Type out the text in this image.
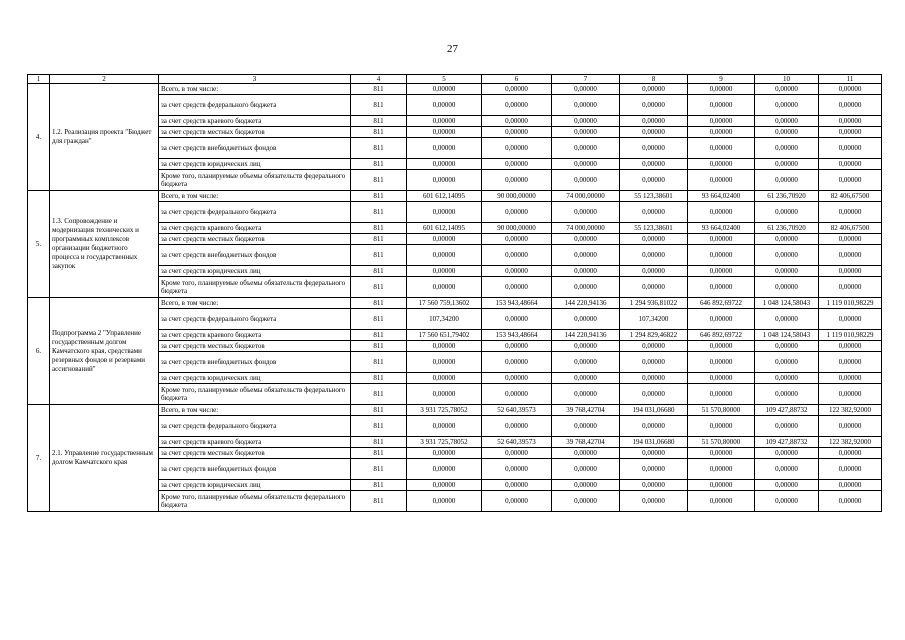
27
1	2	3	4	5	6	7	8	9	10	11
4.	1.2. Реализация проекта "Бюджет для граждан"	Всего, в том числе:	811	0,00000	0,00000	0,00000	0,00000	0,00000	0,00000	0,00000
		за счет средств федерального бюджета	811	0,00000	0,00000	0,00000	0,00000	0,00000	0,00000	0,00000
		за счет средств краевого бюджета	811	0,00000	0,00000	0,00000	0,00000	0,00000	0,00000	0,00000
		за счет средств местных бюджетов	811	0,00000	0,00000	0,00000	0,00000	0,00000	0,00000	0,00000
		за счет средств внебюджетных фондов	811	0,00000	0,00000	0,00000	0,00000	0,00000	0,00000	0,00000
		за счет средств юридических лиц	811	0,00000	0,00000	0,00000	0,00000	0,00000	0,00000	0,00000
		Кроме того, планируемые объемы обязательств федерального бюджета	811	0,00000	0,00000	0,00000	0,00000	0,00000	0,00000	0,00000
5.	1.3. Сопровождение и модернизация технических и программных комплексов организации бюджетного процесса и государственных закупок	Всего, в том числе:	811	601 612,14095	90 000,00000	74 000,00000	55 123,38601	93 664,02400	61 236,70920	82 406,67500
		за счет средств федерального бюджета	811	0,00000	0,00000	0,00000	0,00000	0,00000	0,00000	0,00000
		за счет средств краевого бюджета	811	601 612,14095	90 000,00000	74 000,00000	55 123,38601	93 664,02400	61 236,70920	82 406,67500
		за счет средств местных бюджетов	811	0,00000	0,00000	0,00000	0,00000	0,00000	0,00000	0,00000
		за счет средств внебюджетных фондов	811	0,00000	0,00000	0,00000	0,00000	0,00000	0,00000	0,00000
		за счет средств юридических лиц	811	0,00000	0,00000	0,00000	0,00000	0,00000	0,00000	0,00000
		Кроме того, планируемые объемы обязательств федерального бюджета	811	0,00000	0,00000	0,00000	0,00000	0,00000	0,00000	0,00000
6.	Подпрограмма 2 "Управление государственным долгом Камчатского края, средствами резервных фондов и резервами ассигнований"	Всего, в том числе:	811	17 560 759,13602	153 943,48664	144 220,94136	1 294 936,81022	646 892,69722	1 048 124,58043	1 119 010,98229
		за счет средств федерального бюджета	811	107,34200	0,00000	0,00000	107,34200	0,00000	0,00000	0,00000
		за счет средств краевого бюджета	811	17 560 651,79402	153 943,48664	144 220,94136	1 294 829,46822	646 892,69722	1 048 124,58043	1 119 010,98229
		за счет средств местных бюджетов	811	0,00000	0,00000	0,00000	0,00000	0,00000	0,00000	0,00000
		за счет средств внебюджетных фондов	811	0,00000	0,00000	0,00000	0,00000	0,00000	0,00000	0,00000
		за счет средств юридических лиц	811	0,00000	0,00000	0,00000	0,00000	0,00000	0,00000	0,00000
		Кроме того, планируемые объемы обязательств федерального бюджета	811	0,00000	0,00000	0,00000	0,00000	0,00000	0,00000	0,00000
7.	2.1. Управление государственным долгом Камчатского края	Всего, в том числе:	811	3 931 725,78052	52 640,39573	39 768,42704	194 031,06680	51 570,80000	109 427,88732	122 382,92000
		за счет средств федерального бюджета	811	0,00000	0,00000	0,00000	0,00000	0,00000	0,00000	0,00000
		за счет средств краевого бюджета	811	3 931 725,78052	52 640,39573	39 768,42704	194 031,06680	51 570,80000	109 427,88732	122 382,92000
		за счет средств местных бюджетов	811	0,00000	0,00000	0,00000	0,00000	0,00000	0,00000	0,00000
		за счет средств внебюджетных фондов	811	0,00000	0,00000	0,00000	0,00000	0,00000	0,00000	0,00000
		за счет средств юридических лиц	811	0,00000	0,00000	0,00000	0,00000	0,00000	0,00000	0,00000
		Кроме того, планируемые объемы обязательств федерального бюджета	811	0,00000	0,00000	0,00000	0,00000	0,00000	0,00000	0,00000
